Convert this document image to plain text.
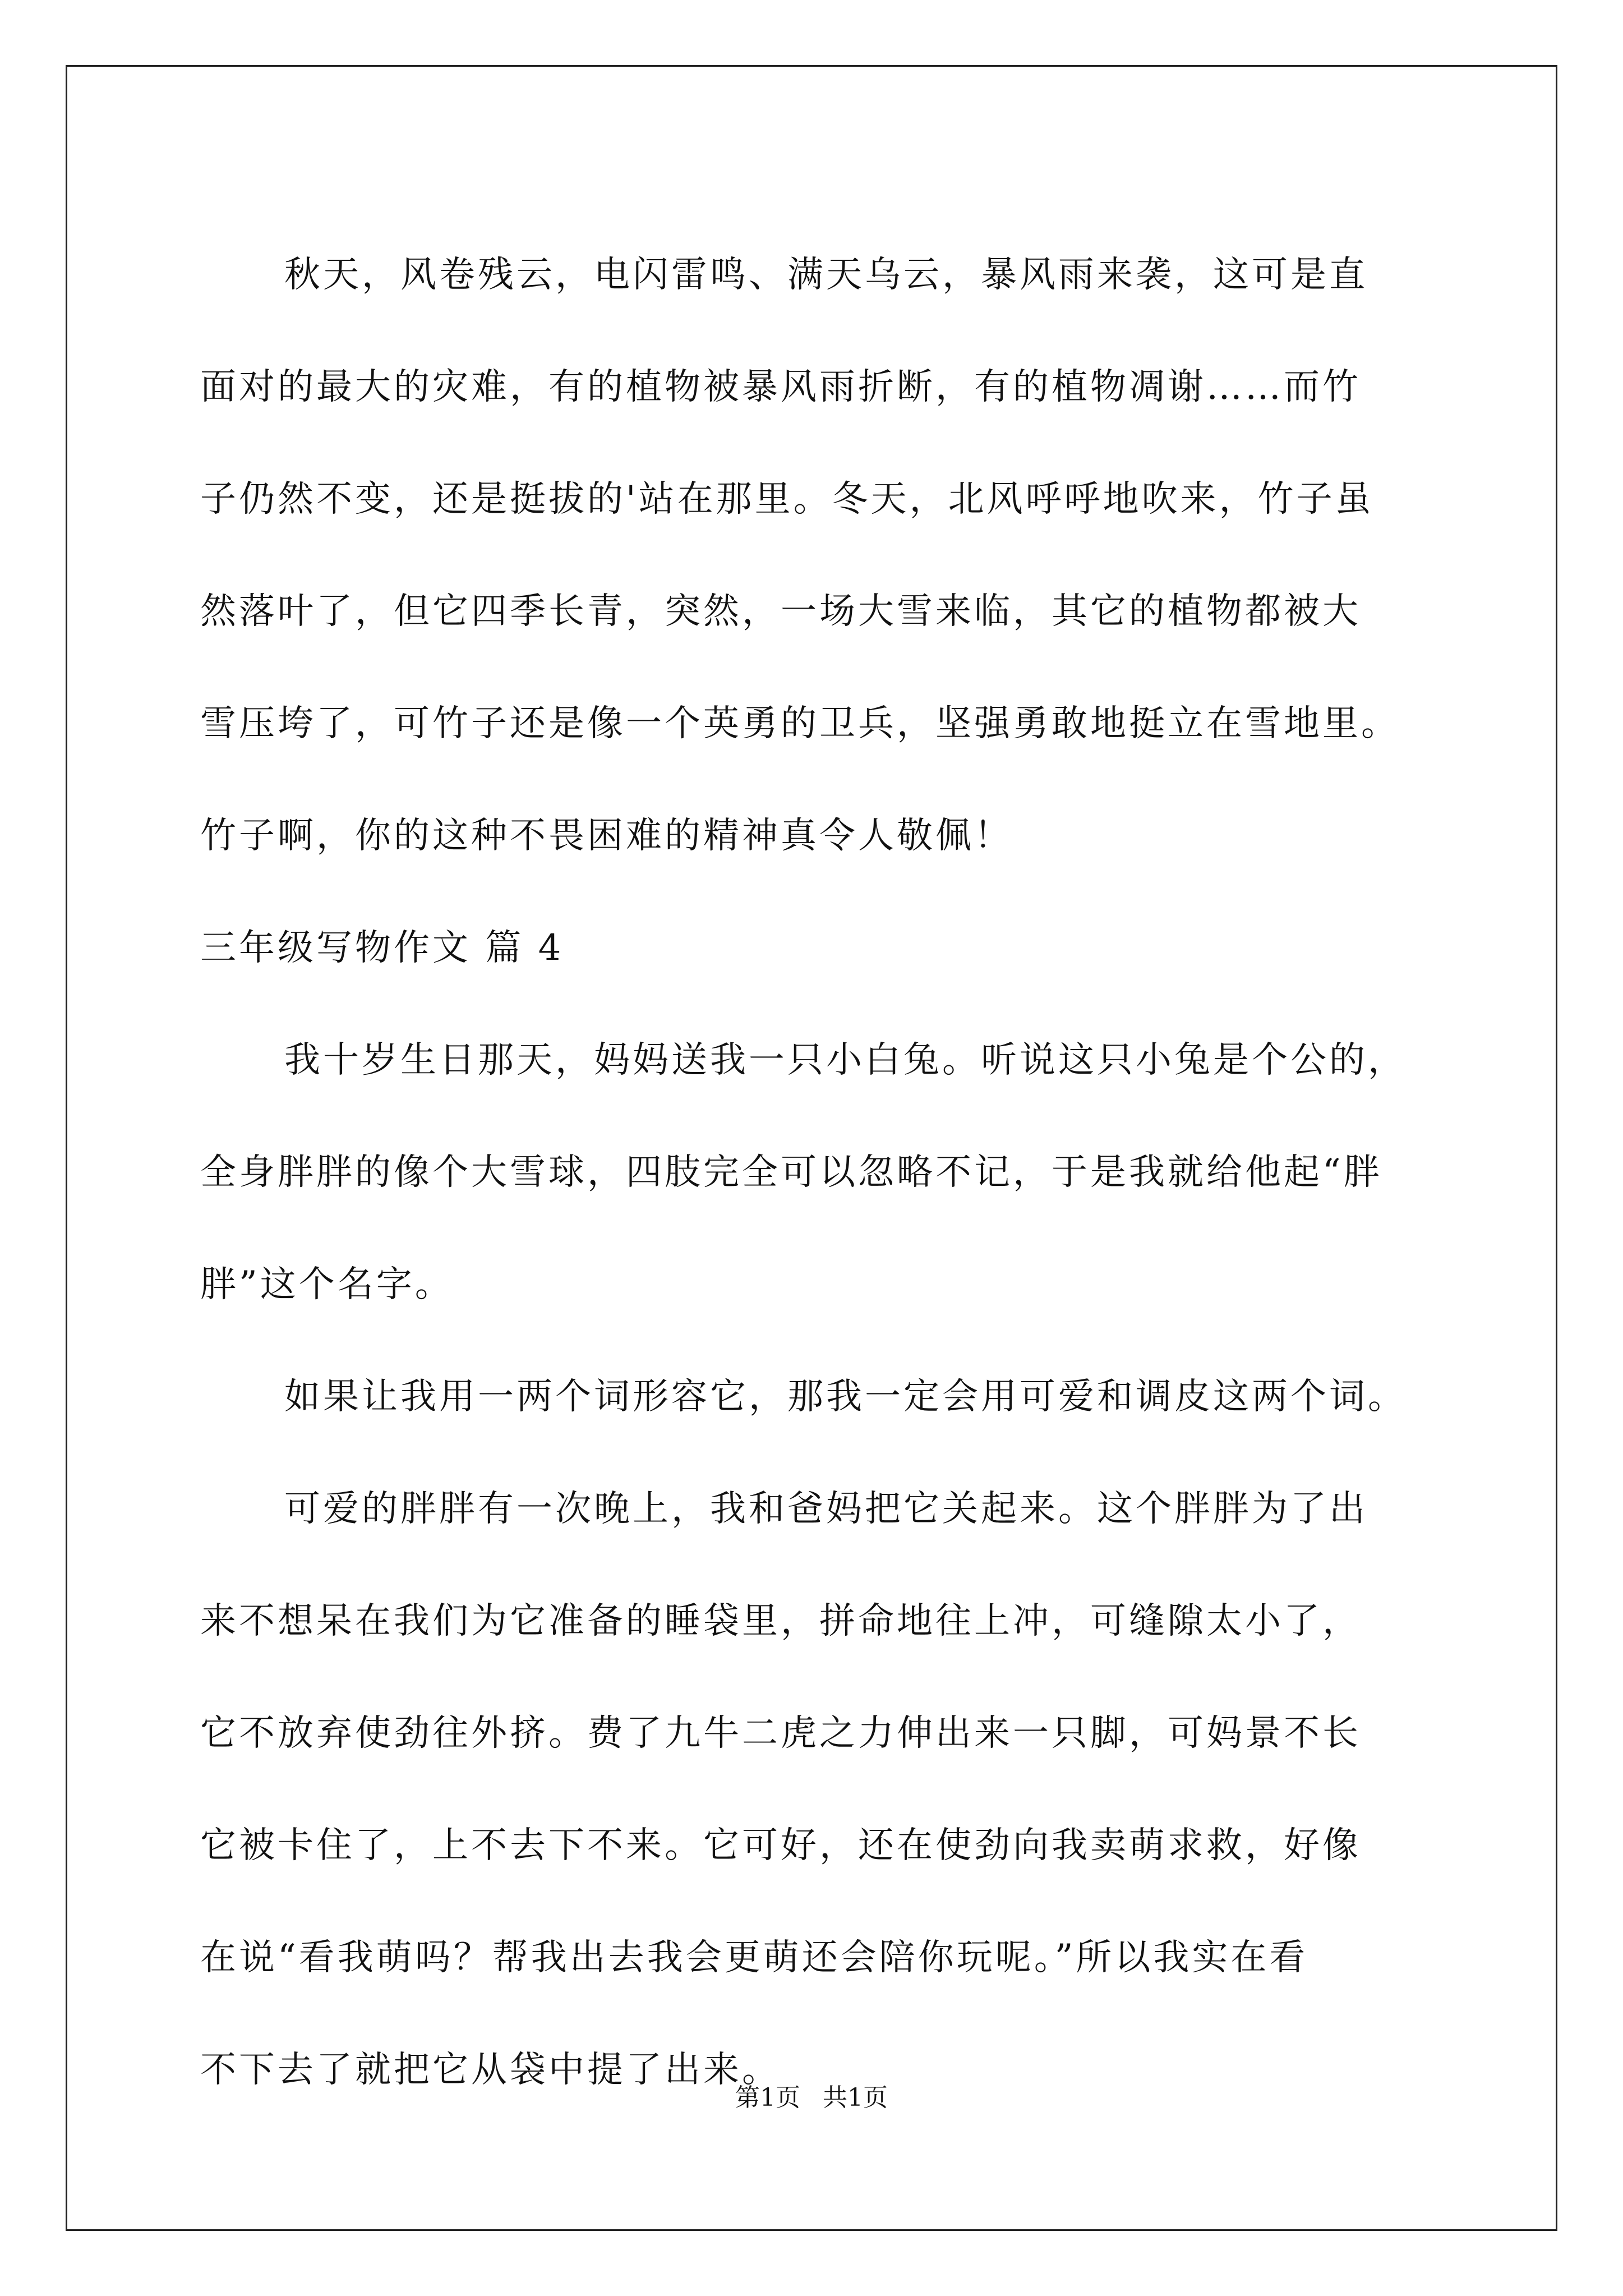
秋天，风卷残云，电闪雷鸣、满天乌云，暴风雨来袭，这可是直
面对的最大的灾难，有的植物被暴风雨折断，有的植物凋谢……而竹
子仍然不变，还是挺拔的'站在那里。冬天，北风呼呼地吹来，竹子虽
然落叶了，但它四季长青，突然，一场大雪来临，其它的植物都被大
雪压垮了，可竹子还是像一个英勇的卫兵，坚强勇敢地挺立在雪地里。
竹子啊，你的这种不畏困难的精神真令人敬佩！
三年级写物作文 篇 4
我十岁生日那天，妈妈送我一只小白兔。听说这只小兔是个公的，
全身胖胖的像个大雪球，四肢完全可以忽略不记，于是我就给他起“胖
胖”这个名字。
如果让我用一两个词形容它，那我一定会用可爱和调皮这两个词。
可爱的胖胖有一次晚上，我和爸妈把它关起来。这个胖胖为了出
来不想呆在我们为它准备的睡袋里，拼命地往上冲，可缝隙太小了，
它不放弃使劲往外挤。费了九牛二虎之力伸出来一只脚，可妈景不长
它被卡住了，上不去下不来。它可好，还在使劲向我卖萌求救，好像
在说“看我萌吗？帮我出去我会更萌还会陪你玩呢。”所以我实在看
不下去了就把它从袋中提了出来。
第1页 共1页
